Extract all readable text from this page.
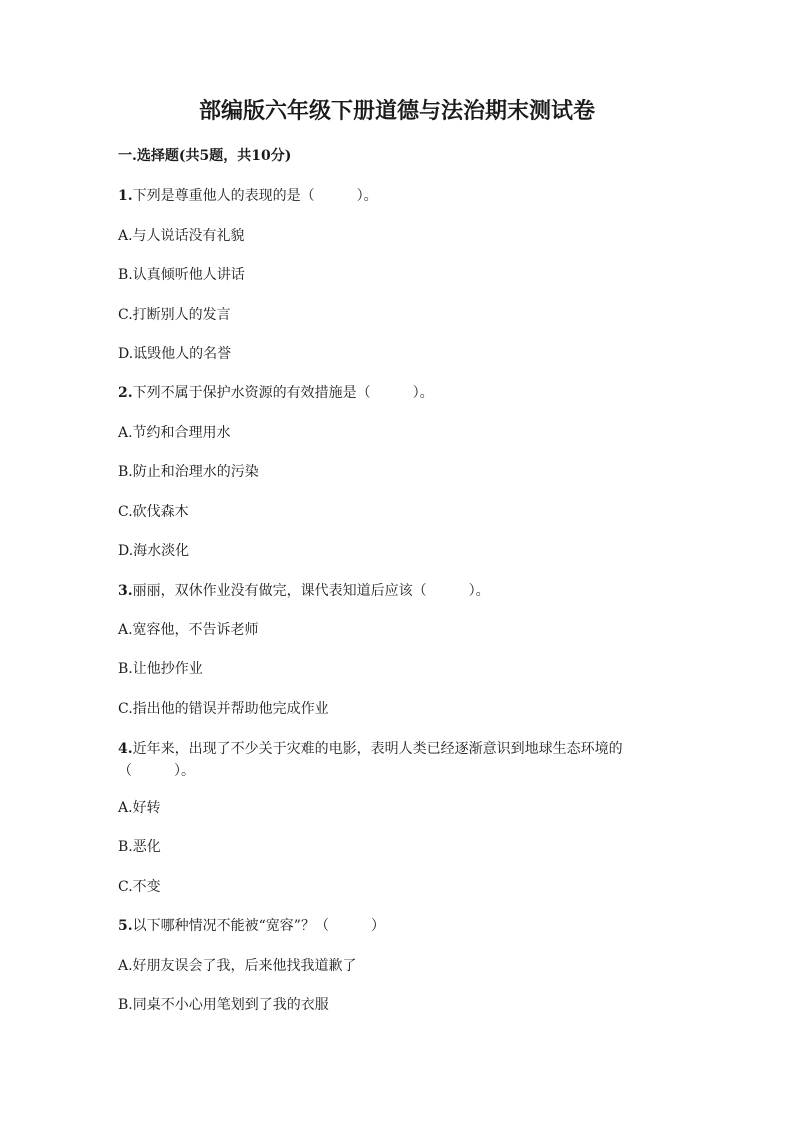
部编版六年级下册道德与法治期末测试卷
一.选择题(共5题，共10分)
1.下列是尊重他人的表现的是（　　　）。
A.与人说话没有礼貌
B.认真倾听他人讲话
C.打断别人的发言
D.诋毁他人的名誉
2.下列不属于保护水资源的有效措施是（　　　）。
A.节约和合理用水
B.防止和治理水的污染
C.砍伐森木
D.海水淡化
3.丽丽，双休作业没有做完，课代表知道后应该（　　　）。
A.宽容他，不告诉老师
B.让他抄作业
C.指出他的错误并帮助他完成作业
4.近年来，出现了不少关于灾难的电影，表明人类已经逐渐意识到地球生态环境的（　　　）。
A.好转
B.恶化
C.不变
5.以下哪种情况不能被“宽容”？（　　　）
A.好朋友误会了我，后来他找我道歉了
B.同桌不小心用笔划到了我的衣服
